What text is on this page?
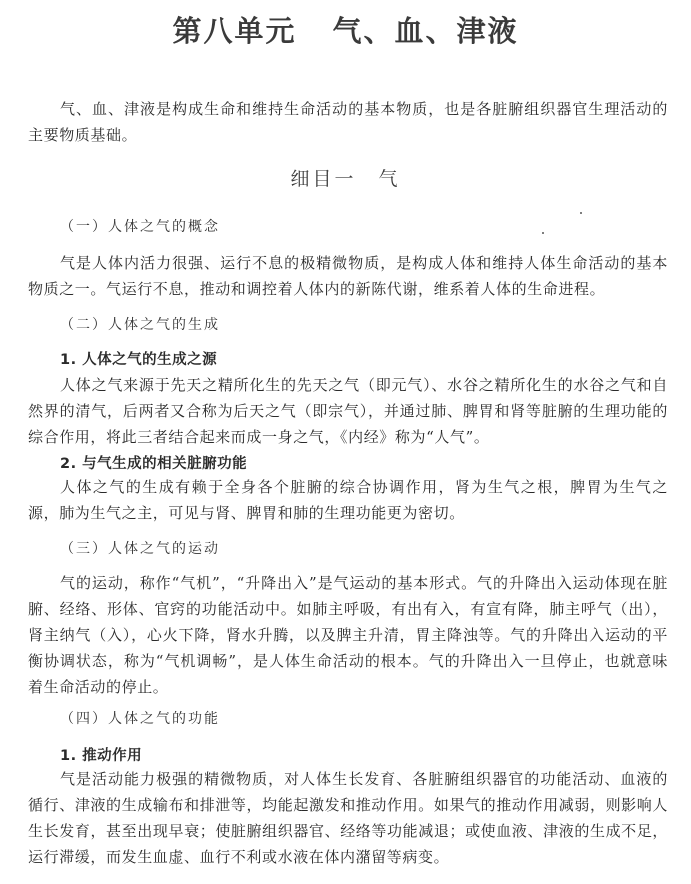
第八单元 气、血、津液
气、血、津液是构成生命和维持生命活动的基本物质，也是各脏腑组织器官生理活动的主要物质基础。
细目一 气
（一）人体之气的概念
气是人体内活力很强、运行不息的极精微物质，是构成人体和维持人体生命活动的基本物质之一。气运行不息，推动和调控着人体内的新陈代谢，维系着人体的生命进程。
（二）人体之气的生成
1. 人体之气的生成之源
人体之气来源于先天之精所化生的先天之气（即元气）、水谷之精所化生的水谷之气和自然界的清气，后两者又合称为后天之气（即宗气），并通过肺、脾胃和肾等脏腑的生理功能的综合作用，将此三者结合起来而成一身之气，《内经》称为“人气”。
2. 与气生成的相关脏腑功能
人体之气的生成有赖于全身各个脏腑的综合协调作用，肾为生气之根，脾胃为生气之源，肺为生气之主，可见与肾、脾胃和肺的生理功能更为密切。
（三）人体之气的运动
气的运动，称作“气机”，“升降出入”是气运动的基本形式。气的升降出入运动体现在脏腑、经络、形体、官窍的功能活动中。如肺主呼吸，有出有入，有宣有降，肺主呼气（出），肾主纳气（入），心火下降，肾水升腾，以及脾主升清，胃主降浊等。气的升降出入运动的平衡协调状态，称为“气机调畅”，是人体生命活动的根本。气的升降出入一旦停止，也就意味着生命活动的停止。
（四）人体之气的功能
1. 推动作用
气是活动能力极强的精微物质，对人体生长发育、各脏腑组织器官的功能活动、血液的循行、津液的生成输布和排泄等，均能起激发和推动作用。如果气的推动作用减弱，则影响人生长发育，甚至出现早衰；使脏腑组织器官、经络等功能减退；或使血液、津液的生成不足，运行滞缓，而发生血虚、血行不利或水液在体内潴留等病变。
